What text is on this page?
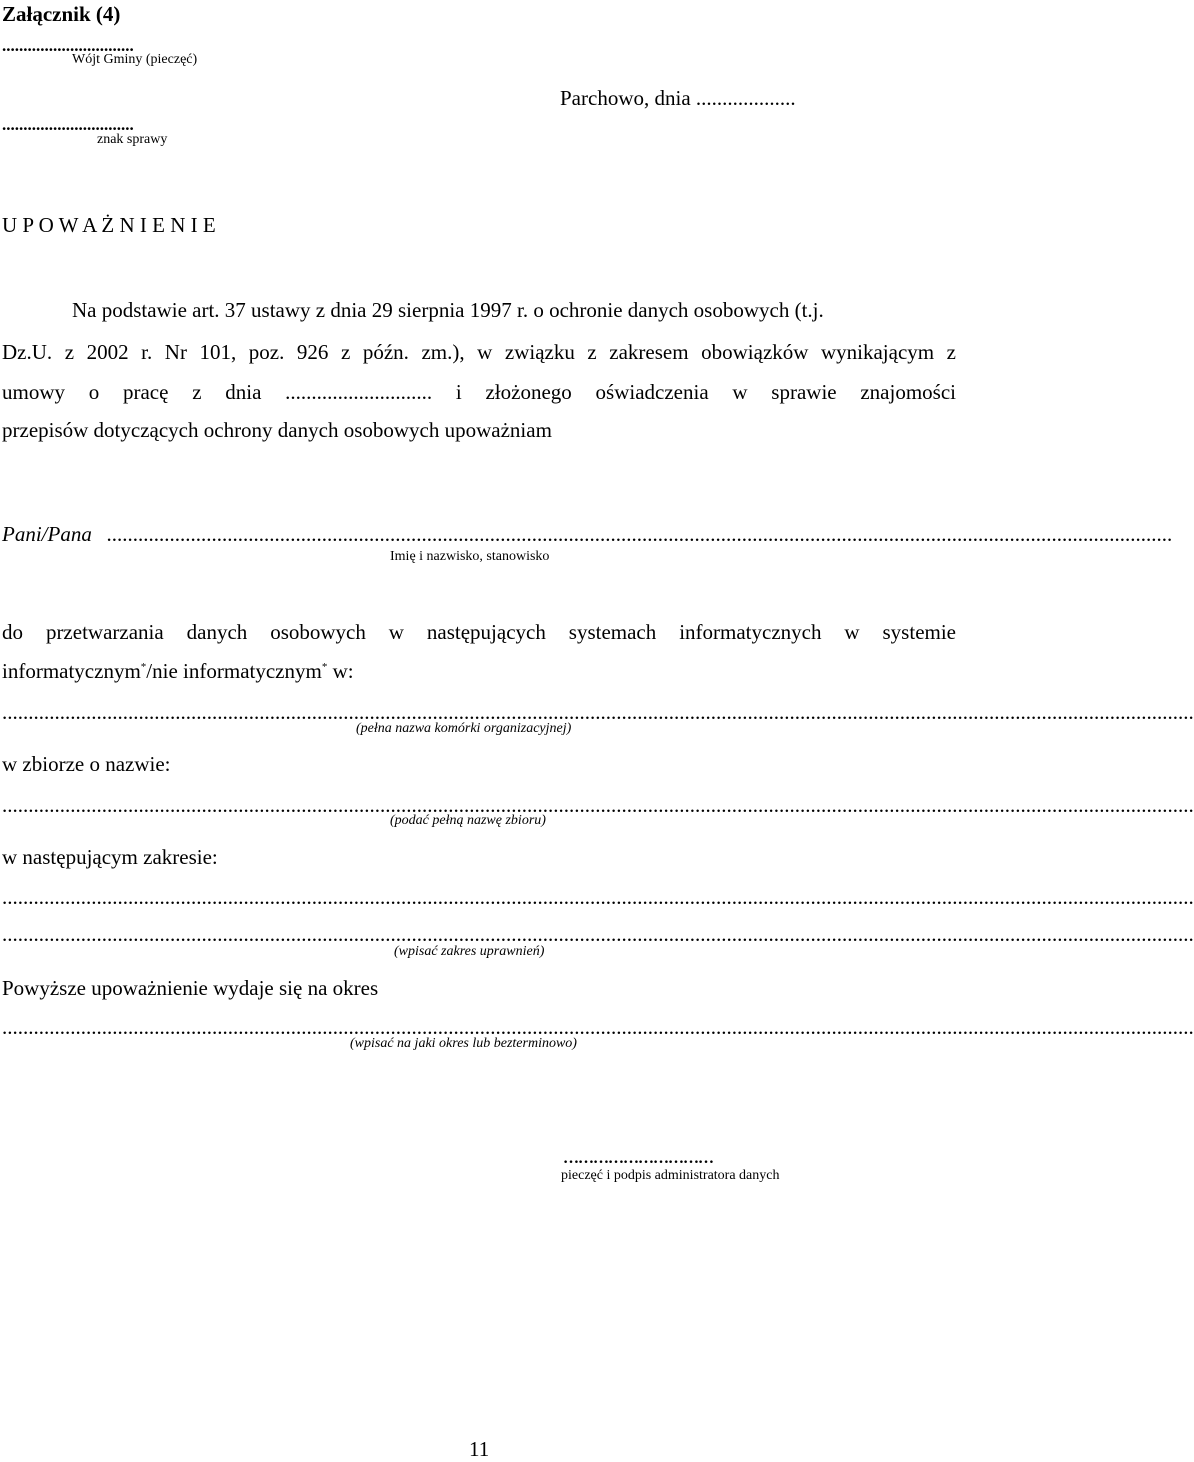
Załącznik (4)
...............................
Wójt Gminy (pieczęć)
Parchowo, dnia ...................
...............................
znak sprawy
U P O W A Ż N I E N I E
Na podstawie art. 37 ustawy z dnia 29 sierpnia 1997 r. o ochronie danych osobowych (t.j.
Dz.U. z 2002 r. Nr 101, poz. 926 z późn. zm.), w związku z zakresem obowiązków wynikającym z
umowy o pracę z dnia ............................ i złożonego oświadczenia w sprawie znajomości
przepisów dotyczących ochrony danych osobowych upoważniam
Pani/Pana ...........................................................................................................................................................................................................
Imię i nazwisko, stanowisko
do przetwarzania danych osobowych w następujących systemach informatycznych w systemie
informatycznym*/nie informatycznym* w:
...................................................................................................................................................................................................................................
(pełna nazwa komórki organizacyjnej)
w zbiorze o nazwie:
...................................................................................................................................................................................................................................
(podać pełną nazwę zbioru)
w następującym zakresie:
...................................................................................................................................................................................................................................
...................................................................................................................................................................................................................................
(wpisać zakres uprawnień)
Powyższe upoważnienie wydaje się na okres
...................................................................................................................................................................................................................................
(wpisać na jaki okres lub bezterminowo)
…………………………
pieczęć i podpis administratora danych
11
